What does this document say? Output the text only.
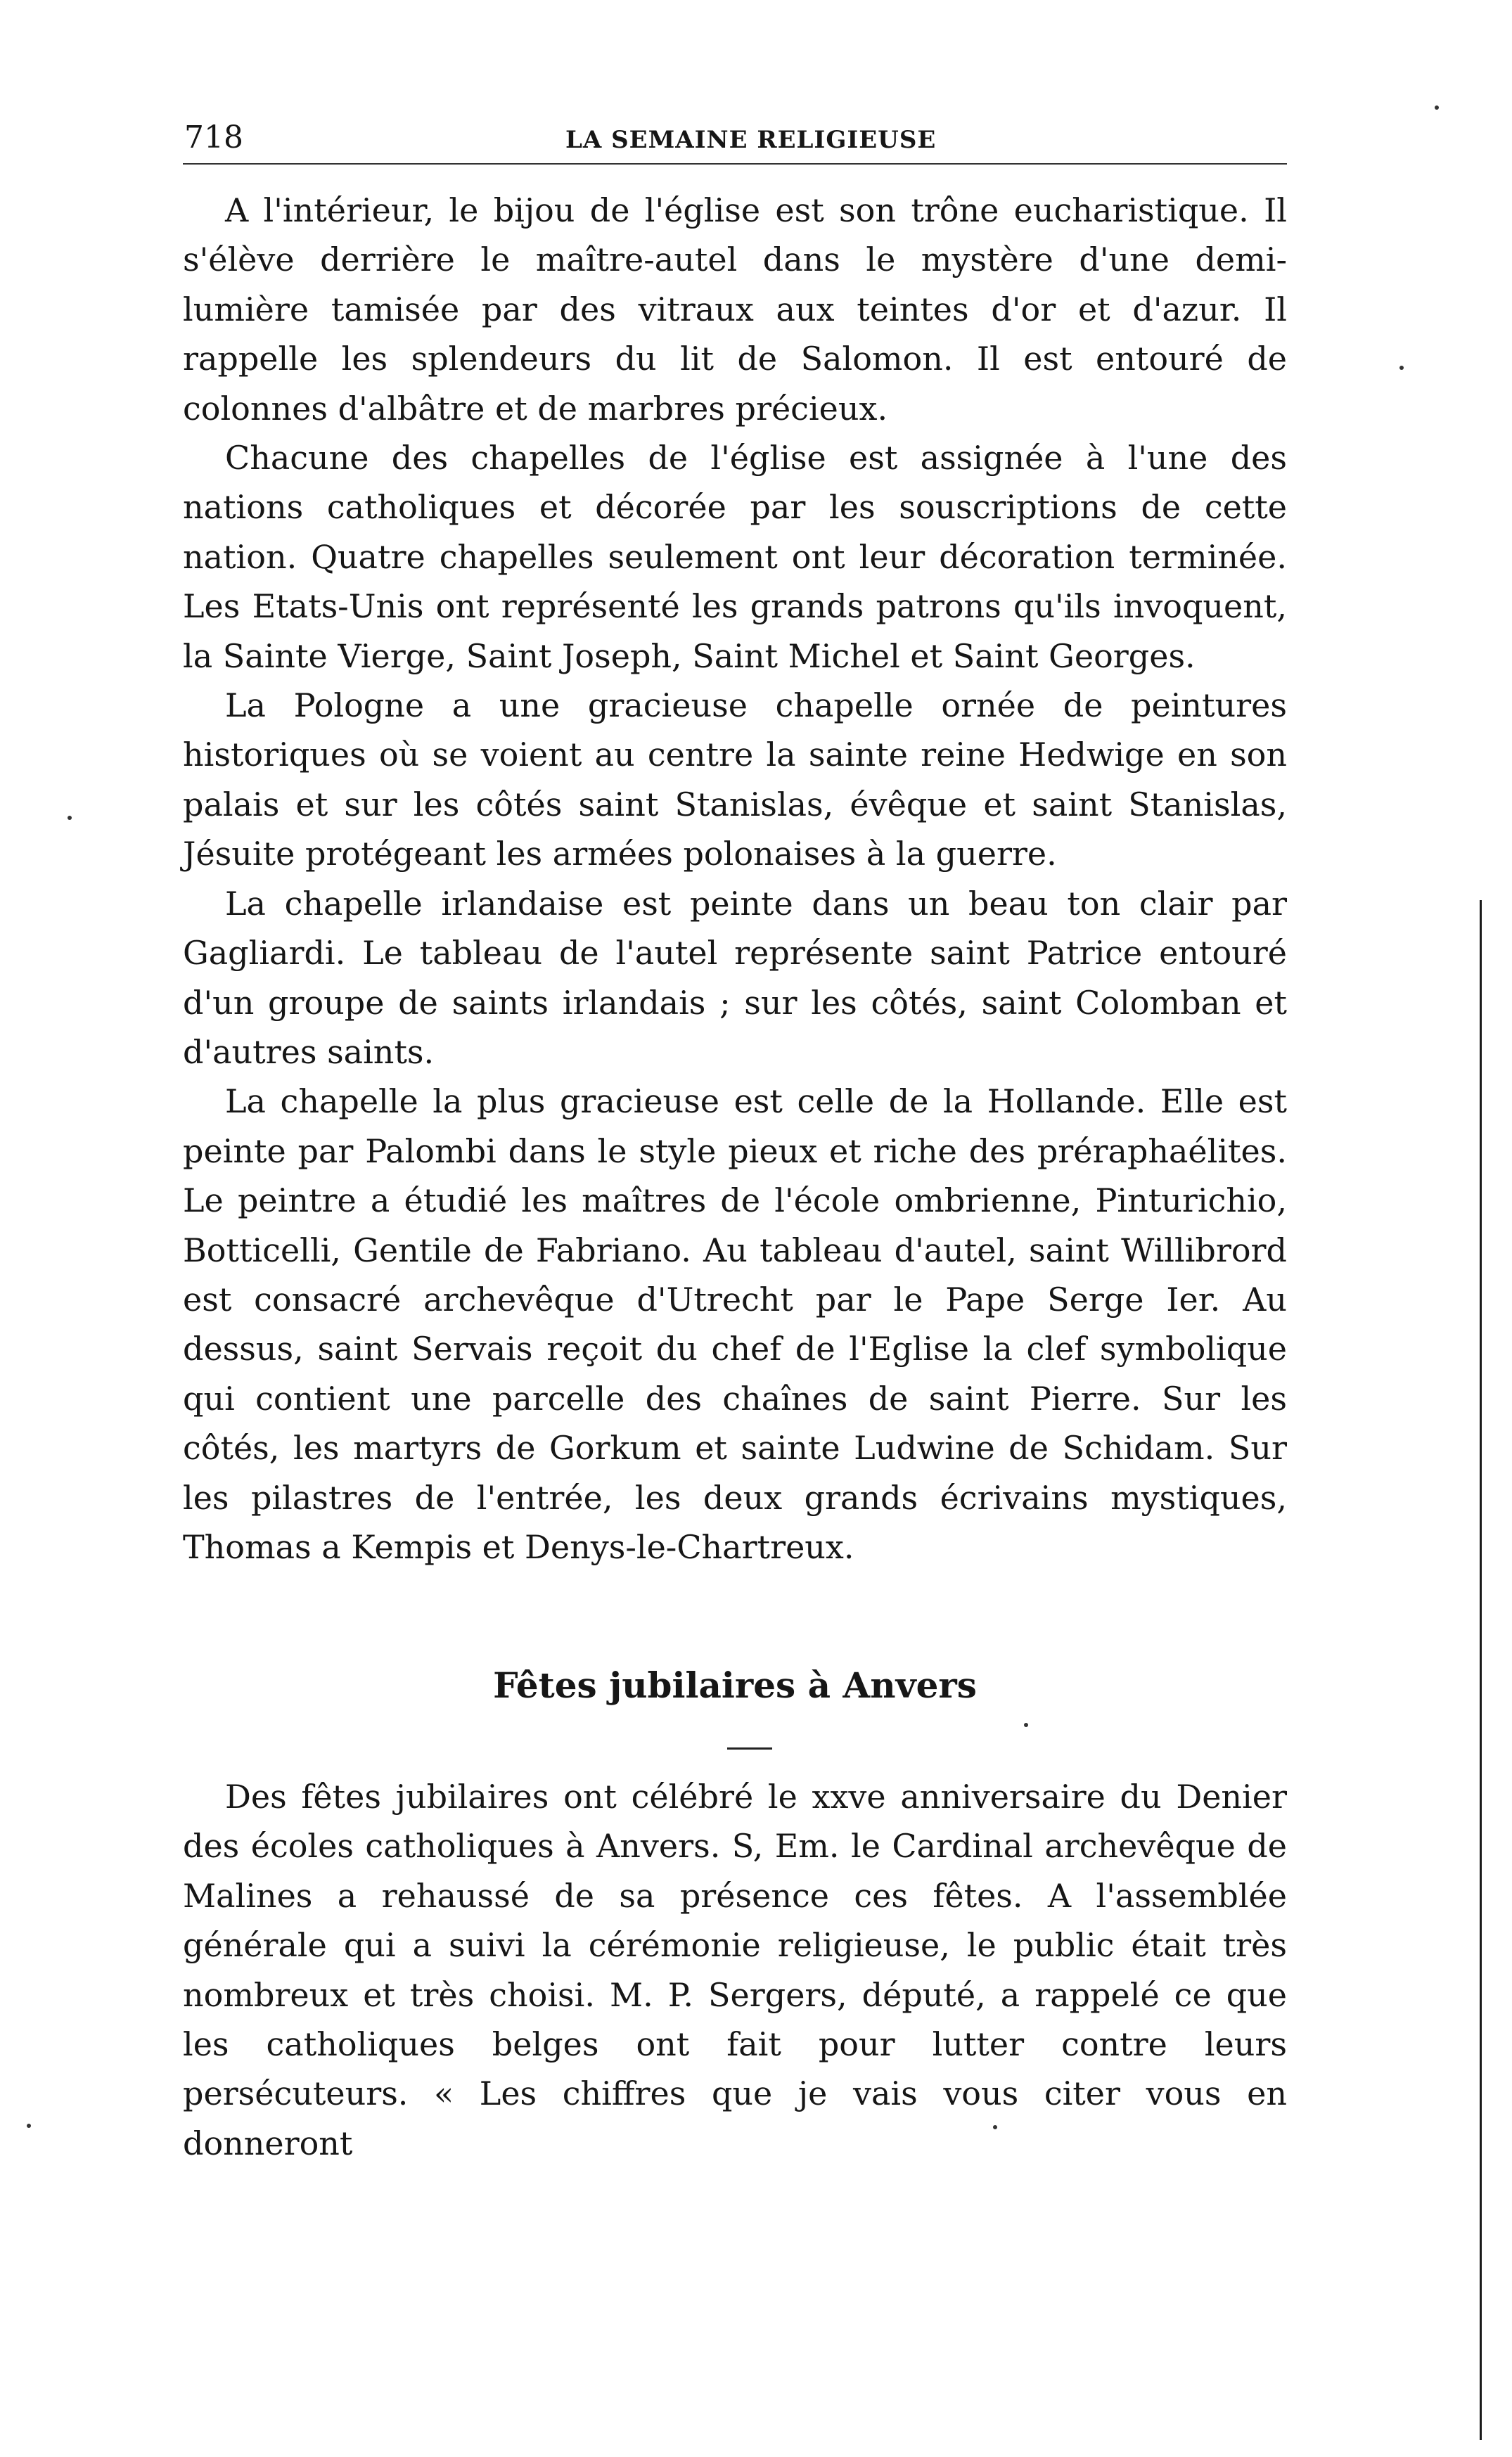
718	LA SEMAINE RELIGIEUSE

A l'intérieur, le bijou de l'église est son trône eucharistique. Il s'élève derrière le maître-autel dans le mystère d'une demi-lumière tamisée par des vitraux aux teintes d'or et d'azur. Il rappelle les splendeurs du lit de Salomon. Il est entouré de colonnes d'albâtre et de marbres précieux.

Chacune des chapelles de l'église est assignée à l'une des nations catholiques et décorée par les souscriptions de cette nation. Quatre chapelles seulement ont leur décoration terminée. Les Etats-Unis ont représenté les grands patrons qu'ils invoquent, la Sainte Vierge, Saint Joseph, Saint Michel et Saint Georges.

La Pologne a une gracieuse chapelle ornée de peintures historiques où se voient au centre la sainte reine Hedwige en son palais et sur les côtés saint Stanislas, évêque et saint Stanislas, Jésuite protégeant les armées polonaises à la guerre.

La chapelle irlandaise est peinte dans un beau ton clair par Gagliardi. Le tableau de l'autel représente saint Patrice entouré d'un groupe de saints irlandais ; sur les côtés, saint Colomban et d'autres saints.

La chapelle la plus gracieuse est celle de la Hollande. Elle est peinte par Palombi dans le style pieux et riche des préraphaélites. Le peintre a étudié les maîtres de l'école ombrienne, Pinturichio, Botticelli, Gentile de Fabriano. Au tableau d'autel, saint Willibrord est consacré archevêque d'Utrecht par le Pape Serge Ier. Au dessus, saint Servais reçoit du chef de l'Eglise la clef symbolique qui contient une parcelle des chaînes de saint Pierre. Sur les côtés, les martyrs de Gorkum et sainte Ludwine de Schidam. Sur les pilastres de l'entrée, les deux grands écrivains mystiques, Thomas a Kempis et Denys-le-Chartreux.

Fêtes jubilaires à Anvers

Des fêtes jubilaires ont célébré le xxve anniversaire du Denier des écoles catholiques à Anvers. S, Em. le Cardinal archevêque de Malines a rehaussé de sa présence ces fêtes. A l'assemblée générale qui a suivi la cérémonie religieuse, le public était très nombreux et très choisi. M. P. Sergers, député, a rappelé ce que les catholiques belges ont fait pour lutter contre leurs persécuteurs. « Les chiffres que je vais vous citer vous en donneront
